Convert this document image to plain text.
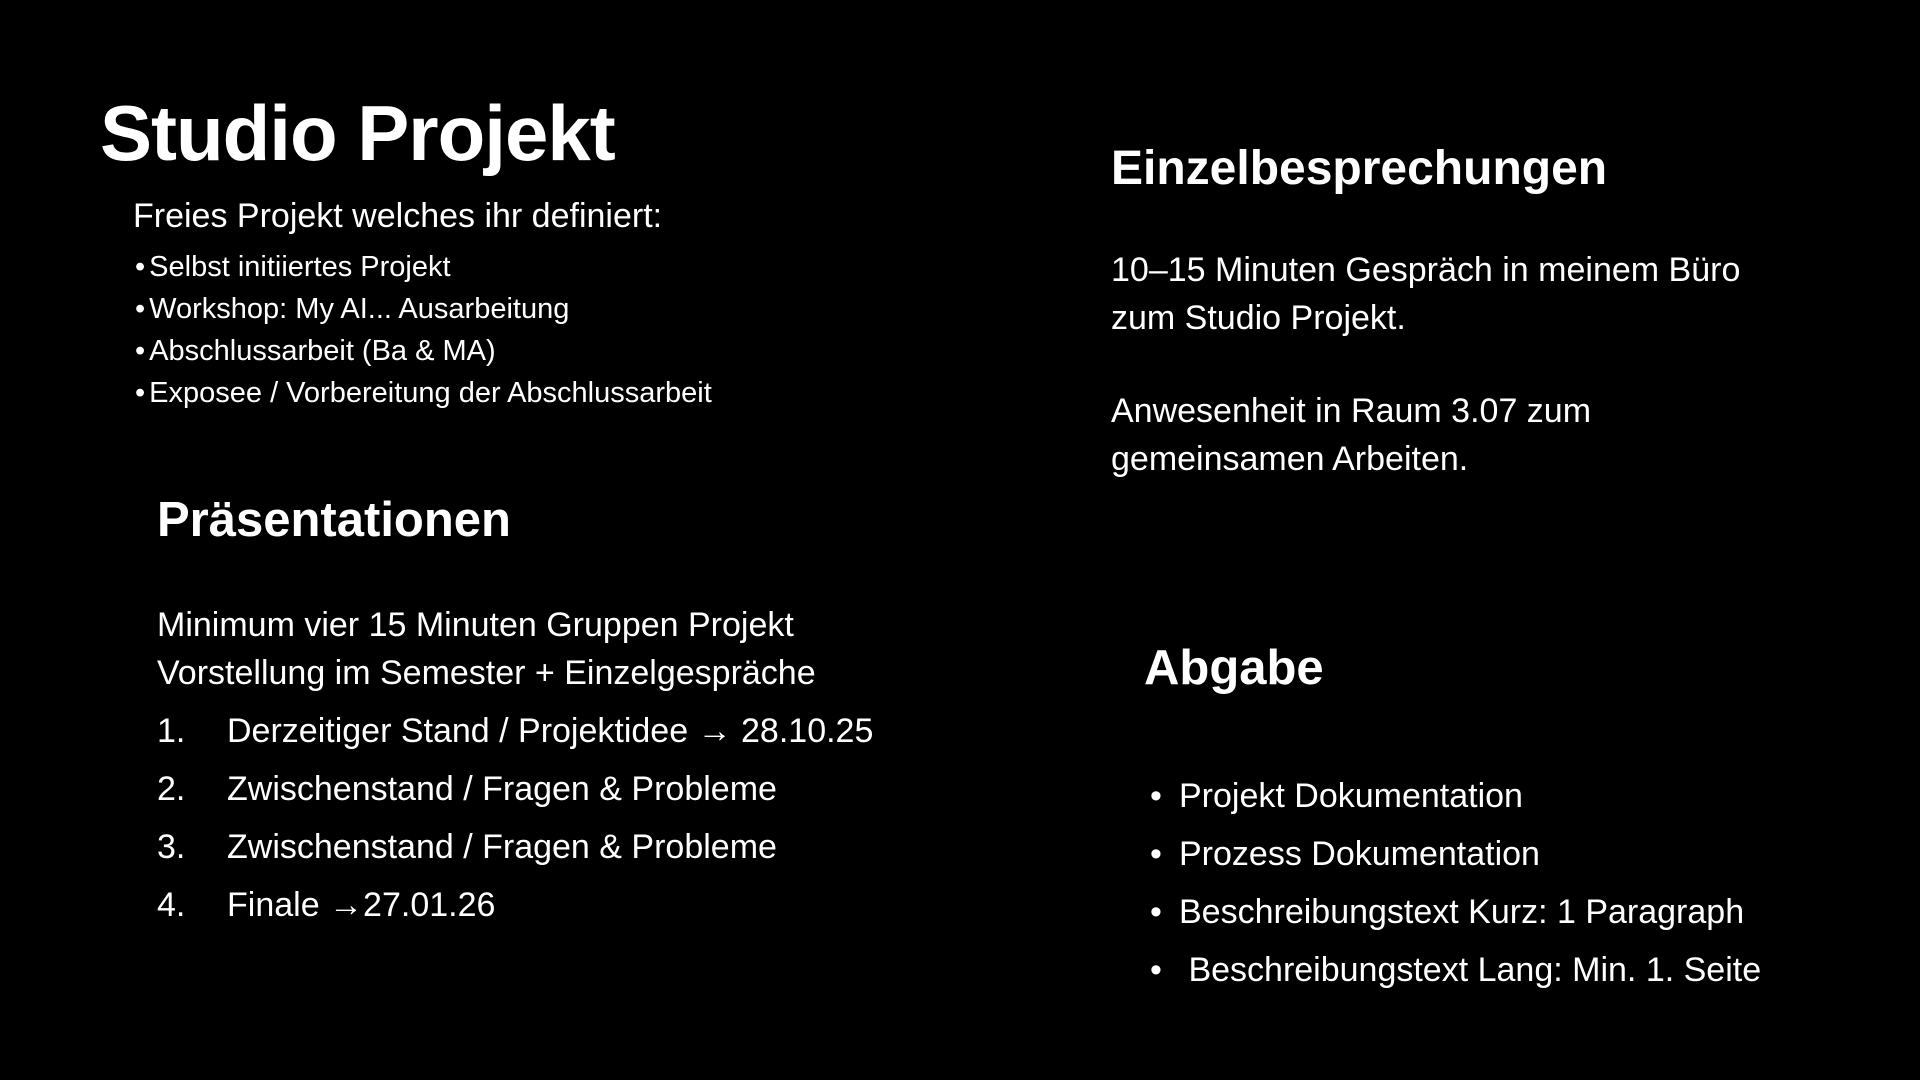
Studio Projekt
Freies Projekt welches ihr definiert:
• Selbst initiiertes Projekt
• Workshop: My AI... Ausarbeitung
• Abschlussarbeit (Ba & MA)
• Exposee / Vorbereitung der Abschlussarbeit
Präsentationen
Minimum vier 15 Minuten Gruppen Projekt Vorstellung im Semester + Einzelgespräche
1. Derzeitiger Stand / Projektidee → 28.10.25
2. Zwischenstand / Fragen & Probleme
3. Zwischenstand / Fragen & Probleme
4. Finale →27.01.26
Einzelbesprechungen
10–15 Minuten Gespräch in meinem Büro zum Studio Projekt.
Anwesenheit in Raum 3.07 zum gemeinsamen Arbeiten.
Abgabe
• Projekt Dokumentation
• Prozess Dokumentation
• Beschreibungstext Kurz: 1 Paragraph
• Beschreibungstext Lang: Min. 1. Seite
